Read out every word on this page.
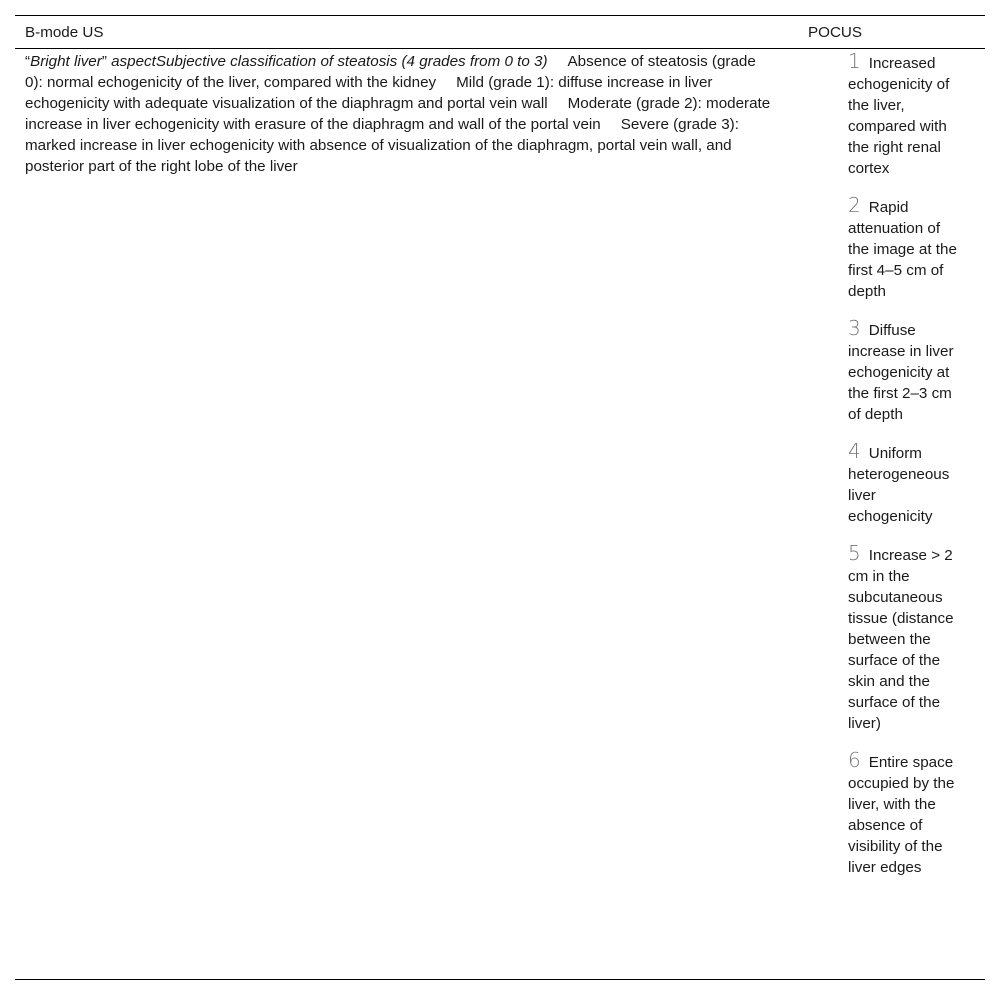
B-mode US	POCUS
“Bright liver” aspectSubjective classification of steatosis (4 grades from 0 to 3) Absence of steatosis (grade 0): normal echogenicity of the liver, compared with the kidney Mild (grade 1): diffuse increase in liver echogenicity with adequate visualization of the diaphragm and portal vein wall Moderate (grade 2): moderate increase in liver echogenicity with erasure of the diaphragm and wall of the portal vein Severe (grade 3): marked increase in liver echogenicity with absence of visualization of the diaphragm, portal vein wall, and posterior part of the right lobe of the liver
1 Increased echogenicity of the liver, compared with the right renal cortex
2 Rapid attenuation of the image at the first 4–5 cm of depth
3 Diffuse increase in liver echogenicity at the first 2–3 cm of depth
4 Uniform heterogeneous liver echogenicity
5 Increase > 2 cm in the subcutaneous tissue (distance between the surface of the skin and the surface of the liver)
6 Entire space occupied by the liver, with the absence of visibility of the liver edges
